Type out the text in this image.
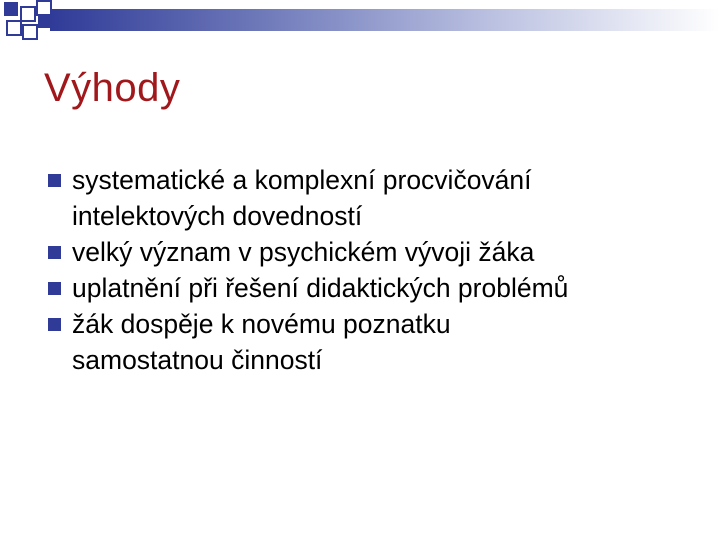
Výhody
systematické a komplexní procvičování
intelektových dovedností
velký význam v psychickém vývoji žáka
uplatnění při řešení didaktických problémů
žák dospěje k novému poznatku
samostatnou činností
